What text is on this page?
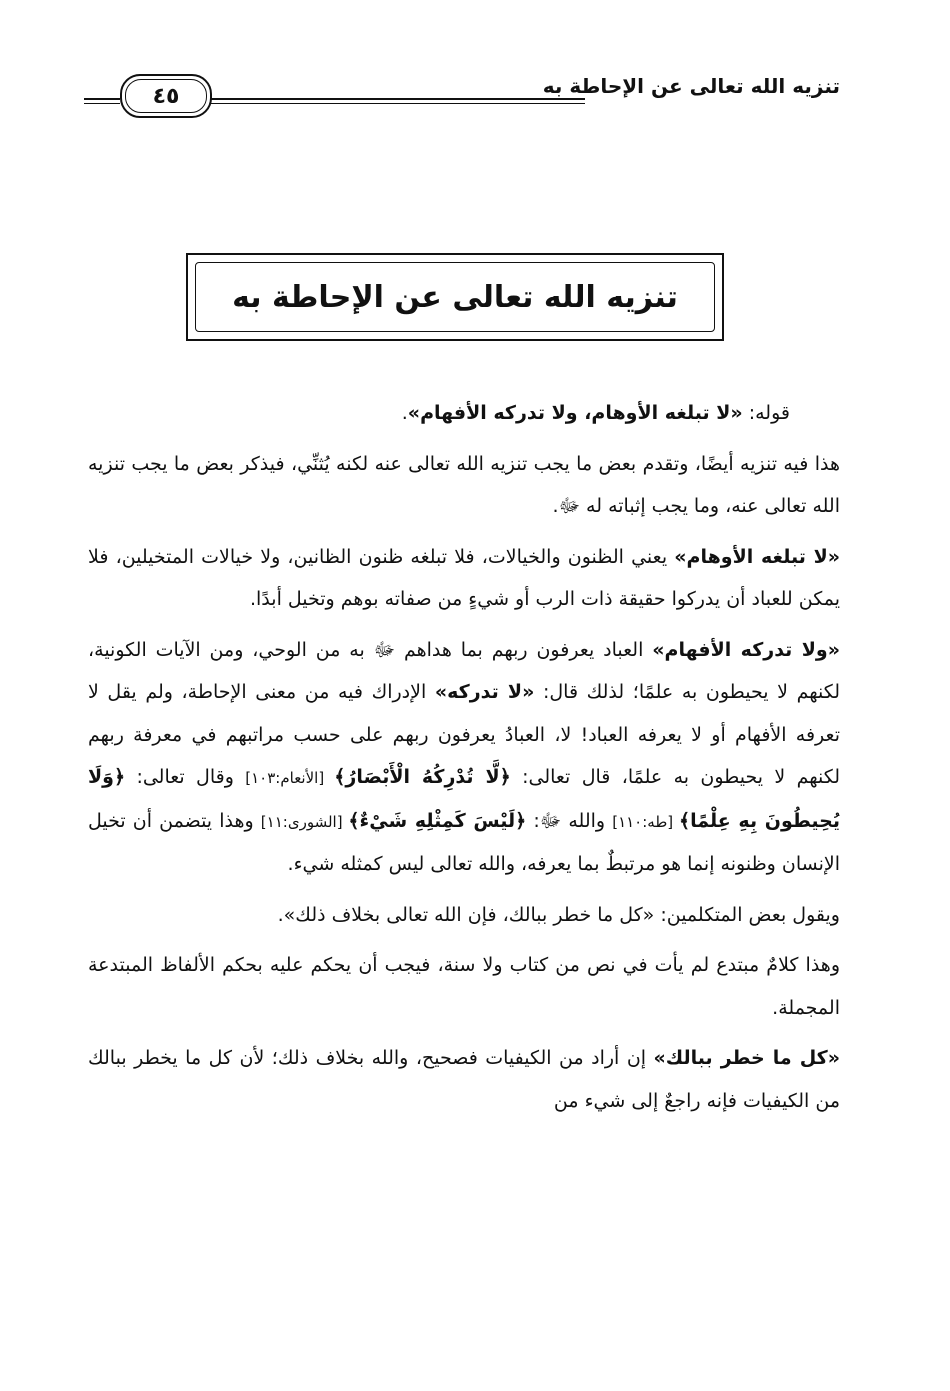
تنزيه الله تعالى عن الإحاطة به
٤٥
تنزيه الله تعالى عن الإحاطة به

قوله: «لا تبلغه الأوهام، ولا تدركه الأفهام».

هذا فيه تنزيه أيضًا، وتقدم بعض ما يجب تنزيه الله تعالى عنه لكنه يُثنِّي، فيذكر بعض ما يجب تنزيه الله تعالى عنه، وما يجب إثباته له ﷻ.

«لا تبلغه الأوهام» يعني الظنون والخيالات، فلا تبلغه ظنون الظانين، ولا خيالات المتخيلين، فلا يمكن للعباد أن يدركوا حقيقة ذات الرب أو شيءٍ من صفاته بوهم وتخيل أبدًا.

«ولا تدركه الأفهام» العباد يعرفون ربهم بما هداهم ﷻ به من الوحي، ومن الآيات الكونية، لكنهم لا يحيطون به علمًا؛ لذلك قال: «لا تدركه» الإدراك فيه من معنى الإحاطة، ولم يقل لا تعرفه الأفهام أو لا يعرفه العباد! لا، العبادُ يعرفون ربهم على حسب مراتبهم في معرفة ربهم لكنهم لا يحيطون به علمًا، قال تعالى: ﴿لَّا تُدْرِكُهُ الْأَبْصَارُ﴾ [الأنعام:١٠٣] وقال تعالى: ﴿وَلَا يُحِيطُونَ بِهِ عِلْمًا﴾ [طه:١١٠] والله ﷻ: ﴿لَيْسَ كَمِثْلِهِ شَيْءٌ﴾ [الشورى:١١] وهذا يتضمن أن تخيل الإنسان وظنونه إنما هو مرتبطٌ بما يعرفه، والله تعالى ليس كمثله شيء.

ويقول بعض المتكلمين: «كل ما خطر ببالك، فإن الله تعالى بخلاف ذلك».

وهذا كلامٌ مبتدع لم يأت في نص من كتاب ولا سنة، فيجب أن يحكم عليه بحكم الألفاظ المبتدعة المجملة.

«كل ما خطر ببالك» إن أراد من الكيفيات فصحيح، والله بخلاف ذلك؛ لأن كل ما يخطر ببالك من الكيفيات فإنه راجعٌ إلى شيء من
